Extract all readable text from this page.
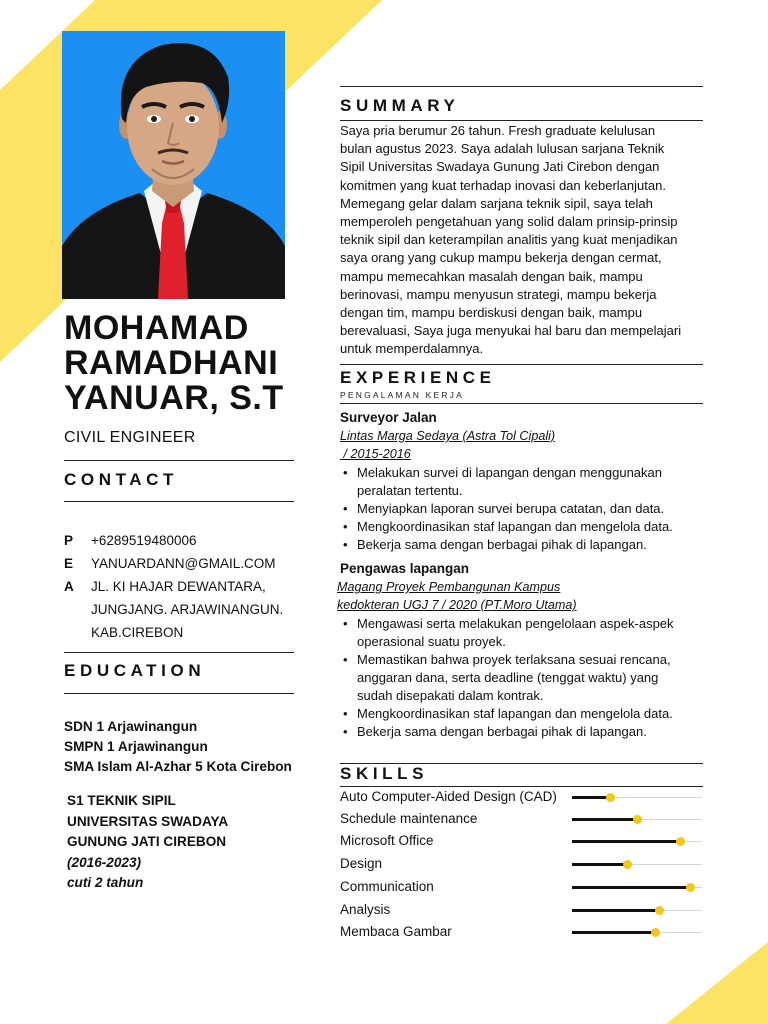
MOHAMAD
RAMADHANI
YANUAR, S.T
CIVIL ENGINEER
CONTACT
P	+6289519480006
E	YANUARDANN@GMAIL.COM
A	JL. KI HAJAR DEWANTARA,
JUNGJANG. ARJAWINANGUN.
KAB.CIREBON
EDUCATION
SDN 1 Arjawinangun
SMPN 1 Arjawinangun
SMA Islam Al-Azhar 5 Kota Cirebon
S1 TEKNIK SIPIL
UNIVERSITAS SWADAYA
GUNUNG JATI CIREBON
(2016-2023)
cuti 2 tahun
SUMMARY
Saya pria berumur 26 tahun. Fresh graduate kelulusan
bulan agustus 2023. Saya adalah lulusan sarjana Teknik
Sipil Universitas Swadaya Gunung Jati Cirebon dengan
komitmen yang kuat terhadap inovasi dan keberlanjutan.
Memegang gelar dalam sarjana teknik sipil, saya telah
memperoleh pengetahuan yang solid dalam prinsip-prinsip
teknik sipil dan keterampilan analitis yang kuat menjadikan
saya orang yang cukup mampu bekerja dengan cermat,
mampu memecahkan masalah dengan baik, mampu
berinovasi, mampu menyusun strategi, mampu bekerja
dengan tim, mampu berdiskusi dengan baik, mampu
berevaluasi, Saya juga menyukai hal baru dan mempelajari
untuk memperdalamnya.
EXPERIENCE
PENGALAMAN KERJA
Surveyor Jalan
Lintas Marga Sedaya (Astra Tol Cipali)
/ 2015-2016
• Melakukan survei di lapangan dengan menggunakan
peralatan tertentu.
• Menyiapkan laporan survei berupa catatan, dan data.
• Mengkoordinasikan staf lapangan dan mengelola data.
• Bekerja sama dengan berbagai pihak di lapangan.
Pengawas lapangan
Magang Proyek Pembangunan Kampus
kedokteran UGJ 7 / 2020 (PT.Moro Utama)
• Mengawasi serta melakukan pengelolaan aspek-aspek
operasional suatu proyek.
• Memastikan bahwa proyek terlaksana sesuai rencana,
anggaran dana, serta deadline (tenggat waktu) yang
sudah disepakati dalam kontrak.
• Mengkoordinasikan staf lapangan dan mengelola data.
• Bekerja sama dengan berbagai pihak di lapangan.
SKILLS
Auto Computer-Aided Design (CAD)
Schedule maintenance
Microsoft Office
Design
Communication
Analysis
Membaca Gambar
